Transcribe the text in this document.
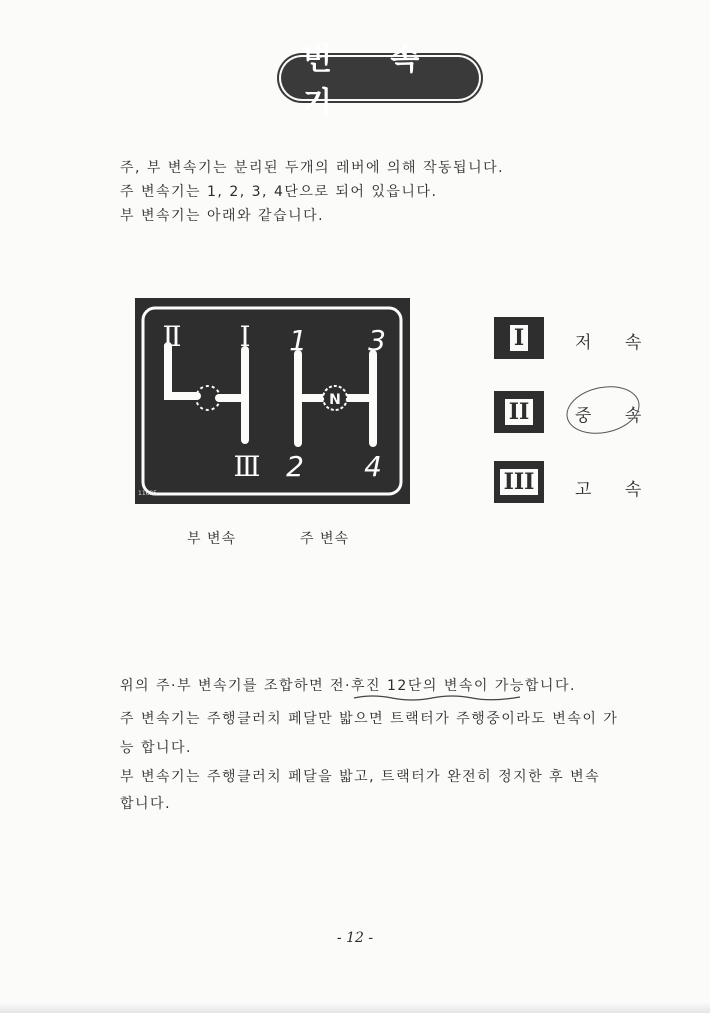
변 속 기
주, 부 변속기는 분리된 두개의 레버에 의해 작동됩니다.
주 변속기는 1, 2, 3, 4단으로 되어 있읍니다.
부 변속기는 아래와 같습니다.
N
Ⅱ Ⅰ
Ⅲ
1 3
2 4
11625
I	저 속
II	중 속
III 고 속
부 변속	주 변속
위의 주·부 변속기를 조합하면 전·후진 12단의 변속이 가능합니다.
주 변속기는 주행클러치 페달만 밟으면 트랙터가 주행중이라도 변속이 가
능 합니다.
부 변속기는 주행클러치 페달을 밟고, 트랙터가 완전히 정지한 후 변속
합니다.
- 12 -
